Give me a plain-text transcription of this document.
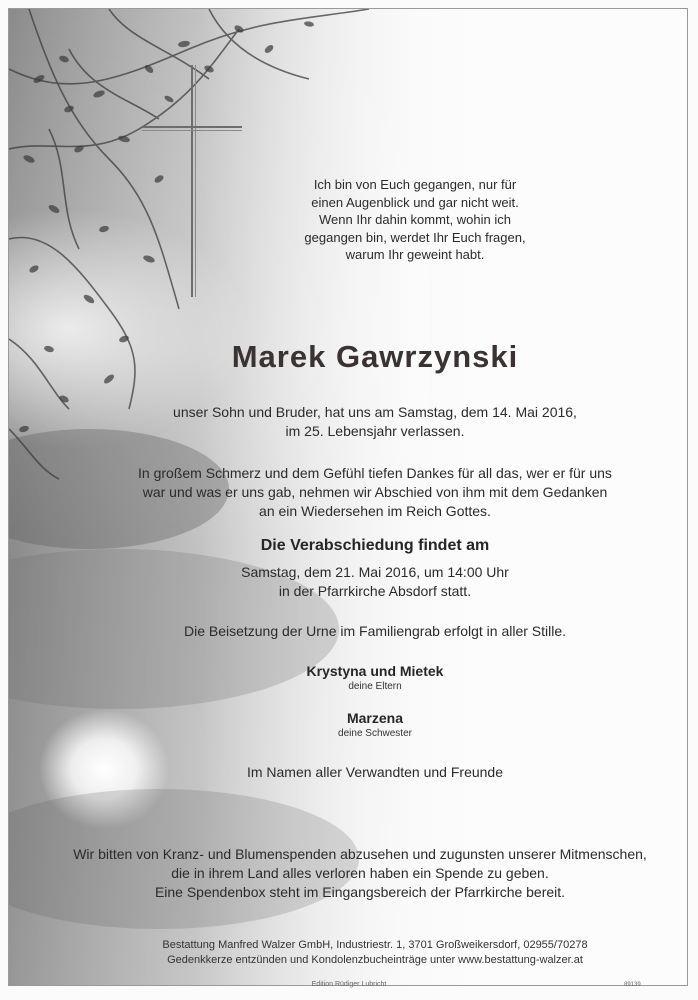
Ich bin von Euch gegangen, nur für
einen Augenblick und gar nicht weit.
Wenn Ihr dahin kommt, wohin ich
gegangen bin, werdet Ihr Euch fragen,
warum Ihr geweint habt.
Marek Gawrzynski
unser Sohn und Bruder, hat uns am Samstag, dem 14. Mai 2016,
im 25. Lebensjahr verlassen.
In großem Schmerz und dem Gefühl tiefen Dankes für all das, wer er für uns
war und was er uns gab, nehmen wir Abschied von ihm mit dem Gedanken
an ein Wiedersehen im Reich Gottes.
Die Verabschiedung findet am
Samstag, dem 21. Mai 2016, um 14:00 Uhr
in der Pfarrkirche Absdorf statt.
Die Beisetzung der Urne im Familiengrab erfolgt in aller Stille.
Krystyna und Mietek
deine Eltern
Marzena
deine Schwester
Im Namen aller Verwandten und Freunde
Wir bitten von Kranz- und Blumenspenden abzusehen und zugunsten unserer Mitmenschen,
die in ihrem Land alles verloren haben ein Spende zu geben.
Eine Spendenbox steht im Eingangsbereich der Pfarrkirche bereit.
Bestattung Manfred Walzer GmbH, Industriestr. 1, 3701 Großweikersdorf, 02955/70278
Gedenkkerze entzünden und Kondolenzbucheinträge unter www.bestattung-walzer.at
Edition Rüdiger Lubricht	89139
